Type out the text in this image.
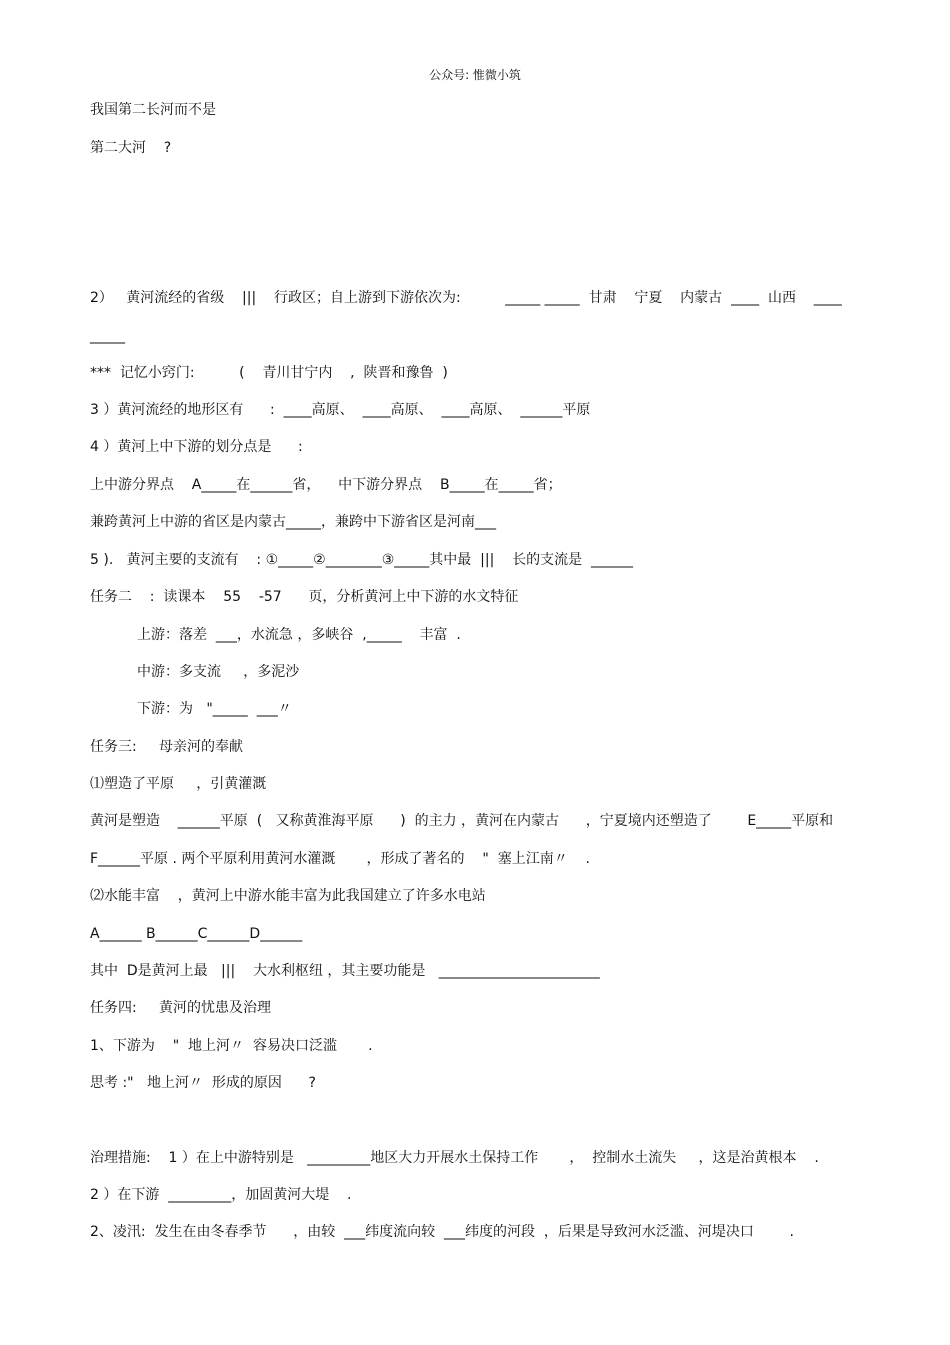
公众号: 惟微小筑
我国第二长河而不是
第二大河    ?
2）   黄河流经的省级    |||    行政区；自上游到下游依次为:          _____ _____  甘肃    宁夏    内蒙古  ____  山西    ____
_____
***  记忆小窍门:          (    青川甘宁内    ,  陕晋和豫鲁  )
3 ）黄河流经的地形区有      :  ____高原、  ____高原、  ____高原、  ______平原
4 ）黄河上中下游的划分点是      :
上中游分界点    A_____在______省，    中下游分界点    B_____在_____省；
兼跨黄河上中游的省区是内蒙古_____，兼跨中下游省区是河南___
5 ).   黄河主要的支流有    : ①_____②________③_____其中最  |||    长的支流是  ______
任务二    :  读课本    55    -57      页，分析黄河上中下游的水文特征
上游：落差  ___，水流急 ，多峡谷  ,_____    丰富  .
中游：多支流     ，多泥沙
下游：为   "_____  ___〃
任务三:     母亲河的奉献
⑴塑造了平原     ，引黄灌溉
黄河是塑造    ______平原  (   又称黄淮海平原      )  的主力 ，黄河在内蒙古      ，宁夏境内还塑造了        E_____平原和
F______平原 . 两个平原利用黄河水灌溉       ，形成了著名的    "  塞上江南〃    .
⑵水能丰富    ，黄河上中游水能丰富为此我国建立了许多水电站
A______ B______C______D______
其中  D是黄河上最   |||    大水利枢纽 ，其主要功能是   _______________________
任务四:     黄河的忧患及治理
1、下游为    "  地上河〃  容易决口泛滥       .
思考 :"   地上河〃  形成的原因      ?
治理措施:    1 ）在上中游特别是   _________地区大力开展水土保持工作       ，  控制水土流失     ，这是治黄根本    .
2 ）在下游  _________，加固黄河大堤    .
2、凌汛:  发生在由冬春季节      ，由较  ___纬度流向较  ___纬度的河段  ，后果是导致河水泛滥、河堤决口        .
